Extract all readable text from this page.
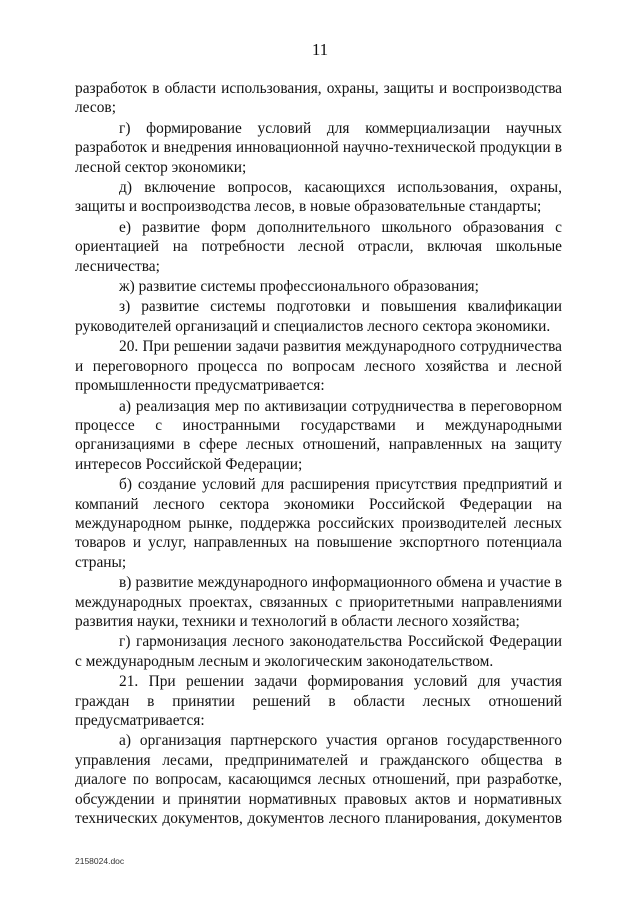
11

разработок в области использования, охраны, защиты и воспроизводства лесов;

г) формирование условий для коммерциализации научных разработок и внедрения инновационной научно-технической продукции в лесной сектор экономики;

д) включение вопросов, касающихся использования, охраны, защиты и воспроизводства лесов, в новые образовательные стандарты;

е) развитие форм дополнительного школьного образования с ориентацией на потребности лесной отрасли, включая школьные лесничества;

ж) развитие системы профессионального образования;

з) развитие системы подготовки и повышения квалификации руководителей организаций и специалистов лесного сектора экономики.

20. При решении задачи развития международного сотрудничества и переговорного процесса по вопросам лесного хозяйства и лесной промышленности предусматривается:

а) реализация мер по активизации сотрудничества в переговорном процессе с иностранными государствами и международными организациями в сфере лесных отношений, направленных на защиту интересов Российской Федерации;

б) создание условий для расширения присутствия предприятий и компаний лесного сектора экономики Российской Федерации на международном рынке, поддержка российских производителей лесных товаров и услуг, направленных на повышение экспортного потенциала страны;

в) развитие международного информационного обмена и участие в международных проектах, связанных с приоритетными направлениями развития науки, техники и технологий в области лесного хозяйства;

г) гармонизация лесного законодательства Российской Федерации с международным лесным и экологическим законодательством.

21. При решении задачи формирования условий для участия граждан в принятии решений в области лесных отношений предусматривается:

а) организация партнерского участия органов государственного управления лесами, предпринимателей и гражданского общества в диалоге по вопросам, касающимся лесных отношений, при разработке, обсуждении и принятии нормативных правовых актов и нормативных технических документов, документов лесного планирования, документов

2158024.doc
